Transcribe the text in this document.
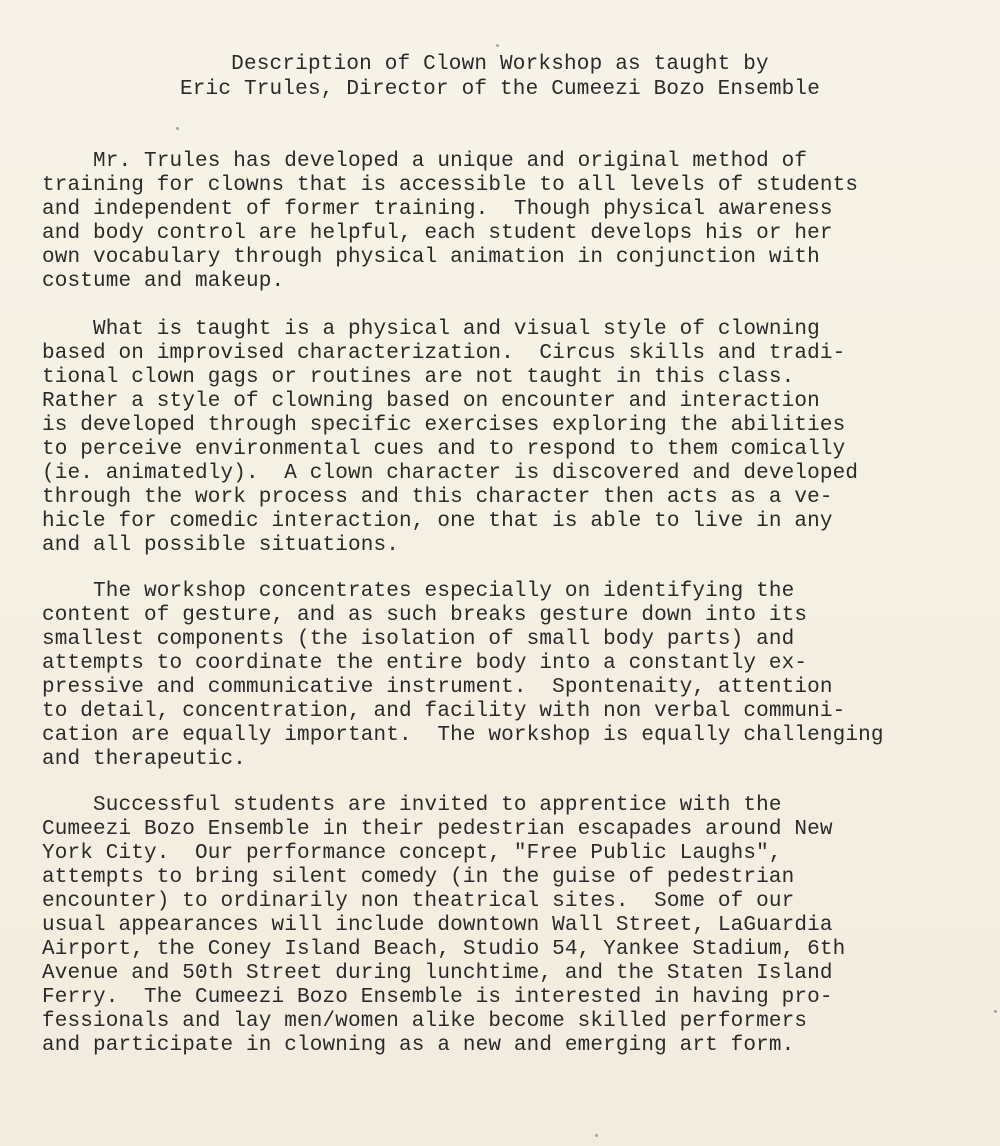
Description of Clown Workshop as taught by
Eric Trules, Director of the Cumeezi Bozo Ensemble
Mr. Trules has developed a unique and original method of
training for clowns that is accessible to all levels of students
and independent of former training.  Though physical awareness
and body control are helpful, each student develops his or her
own vocabulary through physical animation in conjunction with
costume and makeup.
What is taught is a physical and visual style of clowning
based on improvised characterization.  Circus skills and tradi-
tional clown gags or routines are not taught in this class.
Rather a style of clowning based on encounter and interaction
is developed through specific exercises exploring the abilities
to perceive environmental cues and to respond to them comically
(ie. animatedly).  A clown character is discovered and developed
through the work process and this character then acts as a ve-
hicle for comedic interaction, one that is able to live in any
and all possible situations.
The workshop concentrates especially on identifying the
content of gesture, and as such breaks gesture down into its
smallest components (the isolation of small body parts) and
attempts to coordinate the entire body into a constantly ex-
pressive and communicative instrument.  Spontenaity, attention
to detail, concentration, and facility with non verbal communi-
cation are equally important.  The workshop is equally challenging
and therapeutic.
Successful students are invited to apprentice with the
Cumeezi Bozo Ensemble in their pedestrian escapades around New
York City.  Our performance concept, "Free Public Laughs",
attempts to bring silent comedy (in the guise of pedestrian
encounter) to ordinarily non theatrical sites.  Some of our
usual appearances will include downtown Wall Street, LaGuardia
Airport, the Coney Island Beach, Studio 54, Yankee Stadium, 6th
Avenue and 50th Street during lunchtime, and the Staten Island
Ferry.  The Cumeezi Bozo Ensemble is interested in having pro-
fessionals and lay men/women alike become skilled performers
and participate in clowning as a new and emerging art form.
